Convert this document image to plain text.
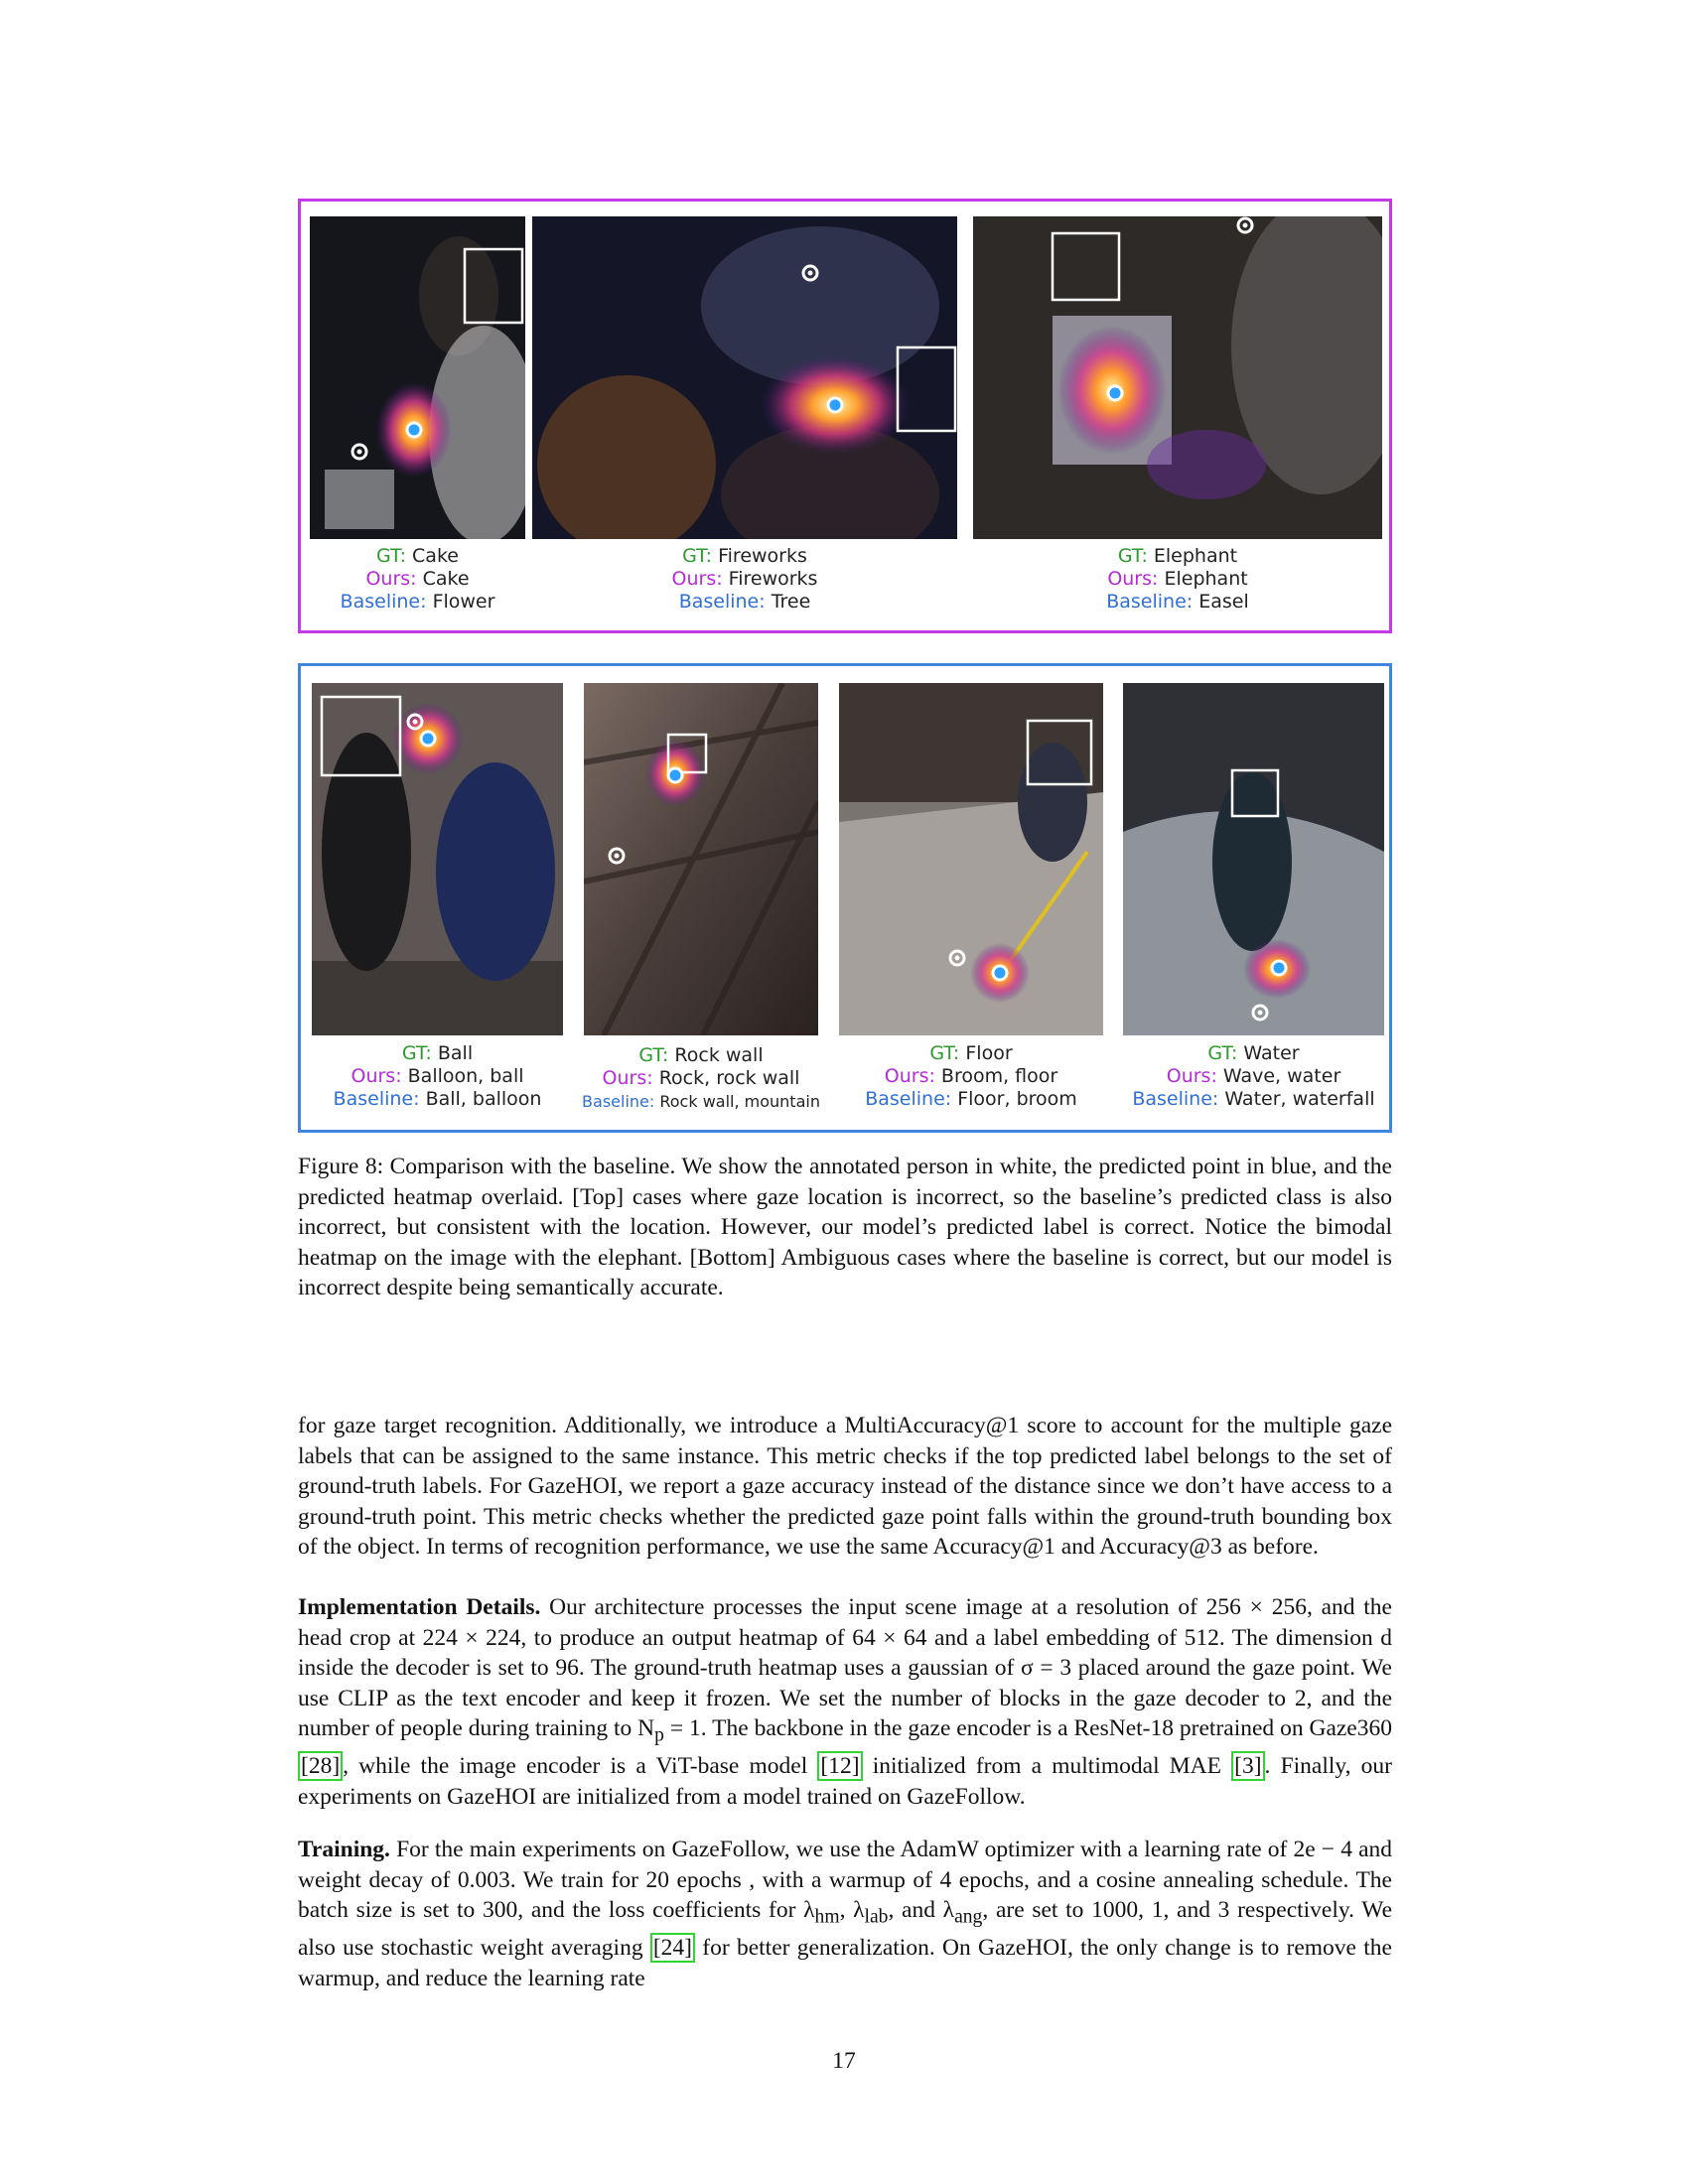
GT: Cake
Ours: Cake
Baseline: Flower
GT: Fireworks
Ours: Fireworks
Baseline: Tree
GT: Elephant
Ours: Elephant
Baseline: Easel
GT: Ball
Ours: Balloon, ball
Baseline: Ball, balloon
GT: Rock wall
Ours: Rock, rock wall
Baseline: Rock wall, mountain
GT: Floor
Ours: Broom, floor
Baseline: Floor, broom
GT: Water
Ours: Wave, water
Baseline: Water, waterfall
Figure 8: Comparison with the baseline. We show the annotated person in white, the predicted point in blue, and the predicted heatmap overlaid. [Top] cases where gaze location is incorrect, so the baseline’s predicted class is also incorrect, but consistent with the location. However, our model’s predicted label is correct. Notice the bimodal heatmap on the image with the elephant. [Bottom] Ambiguous cases where the baseline is correct, but our model is incorrect despite being semantically accurate.
for gaze target recognition. Additionally, we introduce a MultiAccuracy@1 score to account for the multiple gaze labels that can be assigned to the same instance. This metric checks if the top predicted label belongs to the set of ground-truth labels. For GazeHOI, we report a gaze accuracy instead of the distance since we don’t have access to a ground-truth point. This metric checks whether the predicted gaze point falls within the ground-truth bounding box of the object. In terms of recognition performance, we use the same Accuracy@1 and Accuracy@3 as before.
Implementation Details. Our architecture processes the input scene image at a resolution of 256 × 256, and the head crop at 224 × 224, to produce an output heatmap of 64 × 64 and a label embedding of 512. The dimension d inside the decoder is set to 96. The ground-truth heatmap uses a gaussian of σ = 3 placed around the gaze point. We use CLIP as the text encoder and keep it frozen. We set the number of blocks in the gaze decoder to 2, and the number of people during training to $N_p = 1$. The backbone in the gaze encoder is a ResNet-18 pretrained on Gaze360 [28] , while the image encoder is a ViT-base model [12] initialized from a multimodal MAE [3] . Finally, our experiments on GazeHOI are initialized from a model trained on GazeFollow.
Training. For the main experiments on GazeFollow, we use the AdamW optimizer with a learning rate of 2e − 4 and weight decay of 0.003. We train for 20 epochs , with a warmup of 4 epochs, and a cosine annealing schedule. The batch size is set to 300, and the loss coefficients for $\lambda_{hm}$, $\lambda_{lab}$, and $\lambda_{ang}$, are set to 1000, 1, and 3 respectively. We also use stochastic weight averaging [24] for better generalization. On GazeHOI, the only change is to remove the warmup, and reduce the learning rate
17
